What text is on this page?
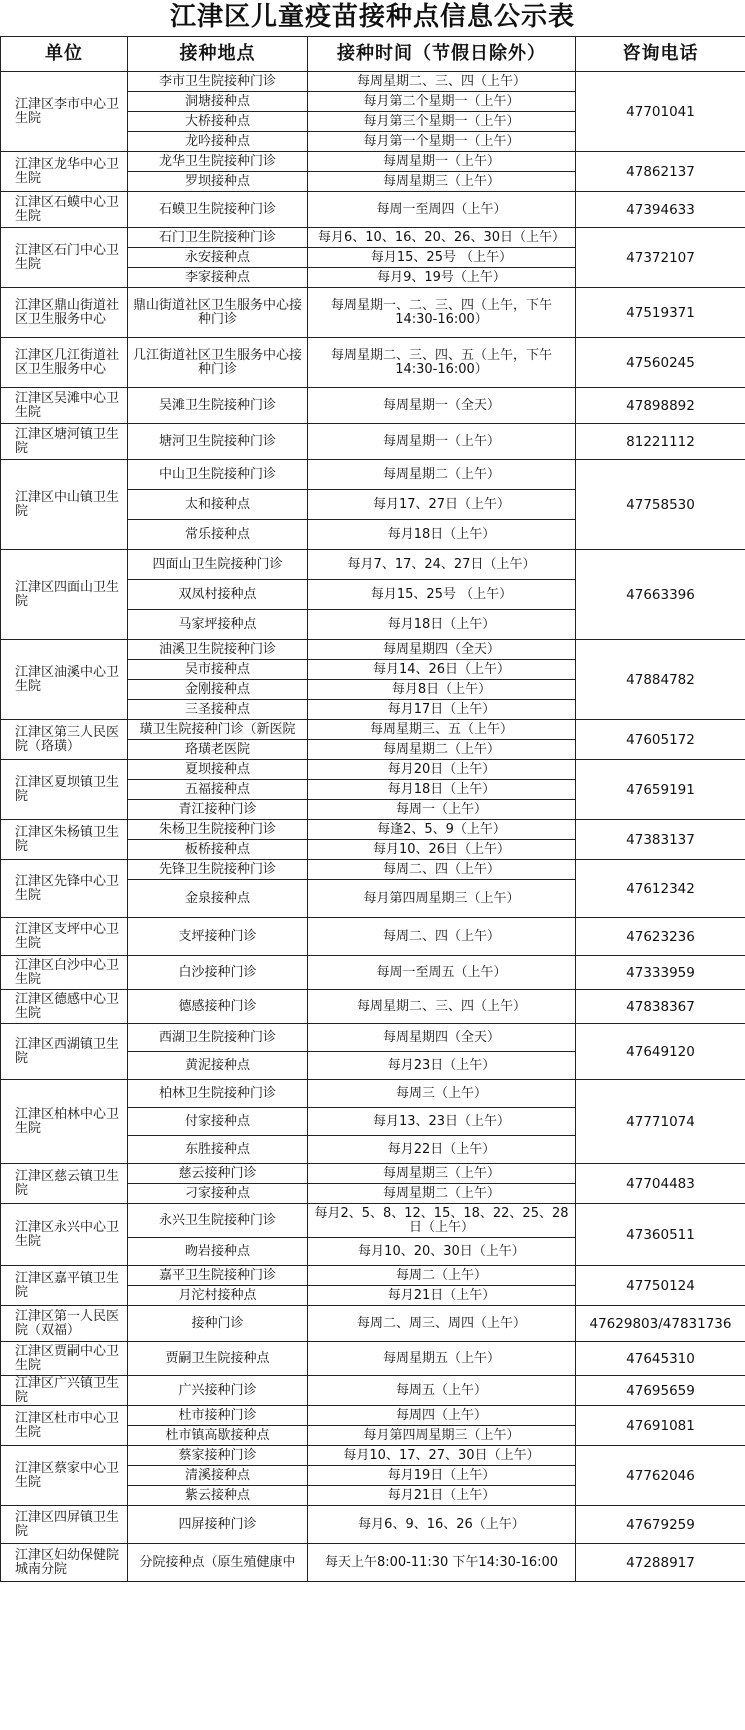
江津区儿童疫苗接种点信息公示表
单位	接种地点	接种时间（节假日除外）	咨询电话
江津区李市中心卫生院	李市卫生院接种门诊	每周星期二、三、四（上午）	47701041
	洞塘接种点	每月第二个星期一（上午）	
	大桥接种点	每月第三个星期一（上午）	
	龙吟接种点	每月第一个星期一（上午）	
江津区龙华中心卫生院	龙华卫生院接种门诊	每周星期一（上午）	47862137
	罗坝接种点	每周星期三（上午）	
江津区石蟆中心卫生院	石蟆卫生院接种门诊	每周一至周四（上午）	47394633
江津区石门中心卫生院	石门卫生院接种门诊	每月6、10、16、20、26、30日（上午）	47372107
	永安接种点	每月15、25号 （上午）	
	李家接种点	每月9、19号（上午）	
江津区鼎山街道社区卫生服务中心	鼎山街道社区卫生服务中心接种门诊	每周星期一、二、三、四（上午，下午14:30-16:00）	47519371
江津区几江街道社区卫生服务中心	几江街道社区卫生服务中心接种门诊	每周星期二、三、四、五（上午，下午14:30-16:00）	47560245
江津区吴滩中心卫生院	吴滩卫生院接种门诊	每周星期一（全天）	47898892
江津区塘河镇卫生院	塘河卫生院接种门诊	每周星期一（上午）	81221112
江津区中山镇卫生院	中山卫生院接种门诊	每周星期二（上午）	47758530
	太和接种点	每月17、27日（上午）	
	常乐接种点	每月18日（上午）	
江津区四面山卫生院	四面山卫生院接种门诊	每月7、17、24、27日（上午）	47663396
	双凤村接种点	每月15、25号 （上午）	
	马家坪接种点	每月18日（上午）	
江津区油溪中心卫生院	油溪卫生院接种门诊	每周星期四（全天）	47884782
	吴市接种点	每月14、26日（上午）	
	金刚接种点	每月8日（上午）	
	三圣接种点	每月17日（上午）	
江津区第三人民医院（珞璜）	璜卫生院接种门诊（新医院	每周星期三、五（上午）	47605172
	珞璜老医院	每周星期二（上午）	
江津区夏坝镇卫生院	夏坝接种点	每月20日（上午）	47659191
	五福接种点	每月18日（上午）	
	青江接种门诊	每周一（上午）	
江津区朱杨镇卫生院	朱杨卫生院接种门诊	每逢2、5、9（上午）	47383137
	板桥接种点	每月10、26日（上午）	
江津区先锋中心卫生院	先锋卫生院接种门诊	每周二、四（上午）	47612342
	金泉接种点	每月第四周星期三（上午）	
江津区支坪中心卫生院	支坪接种门诊	每周二、四（上午）	47623236
江津区白沙中心卫生院	白沙接种门诊	每周一至周五（上午）	47333959
江津区德感中心卫生院	德感接种门诊	每周星期二、三、四（上午）	47838367
江津区西湖镇卫生院	西湖卫生院接种门诊	每周星期四（全天）	47649120
	黄泥接种点	每月23日（上午）	
江津区柏林中心卫生院	柏林卫生院接种门诊	每周三（上午）	47771074
	付家接种点	每月13、23日（上午）	
	东胜接种点	每月22日（上午）	
江津区慈云镇卫生院	慈云接种门诊	每周星期三（上午）	47704483
	刁家接种点	每周星期二（上午）	
江津区永兴中心卫生院	永兴卫生院接种门诊	每月2、5、8、12、15、18、22、25、28日（上午）	47360511
	昒岩接种点	每月10、20、30日（上午）	
江津区嘉平镇卫生院	嘉平卫生院接种门诊	每周二（上午）	47750124
	月沱村接种点	每月21日（上午）	
江津区第一人民医院（双福）	接种门诊	每周二、周三、周四（上午）	47629803/47831736
江津区贾嗣中心卫生院	贾嗣卫生院接种点	每周星期五（上午）	47645310
江津区广兴镇卫生院	广兴接种门诊	每周五（上午）	47695659
江津区杜市中心卫生院	杜市接种门诊	每周四（上午）	47691081
	杜市镇高歇接种点	每月第四周星期三（上午）	
江津区蔡家中心卫生院	蔡家接种门诊	每月10、17、27、30日（上午）	47762046
	清溪接种点	每月19日（上午）	
	紫云接种点	每月21日（上午）	
江津区四屏镇卫生院	四屏接种门诊	每月6、9、16、26（上午）	47679259
江津区妇幼保健院城南分院	分院接种点（原生殖健康中	每天上午8:00-11:30 下午14:30-16:00	47288917
